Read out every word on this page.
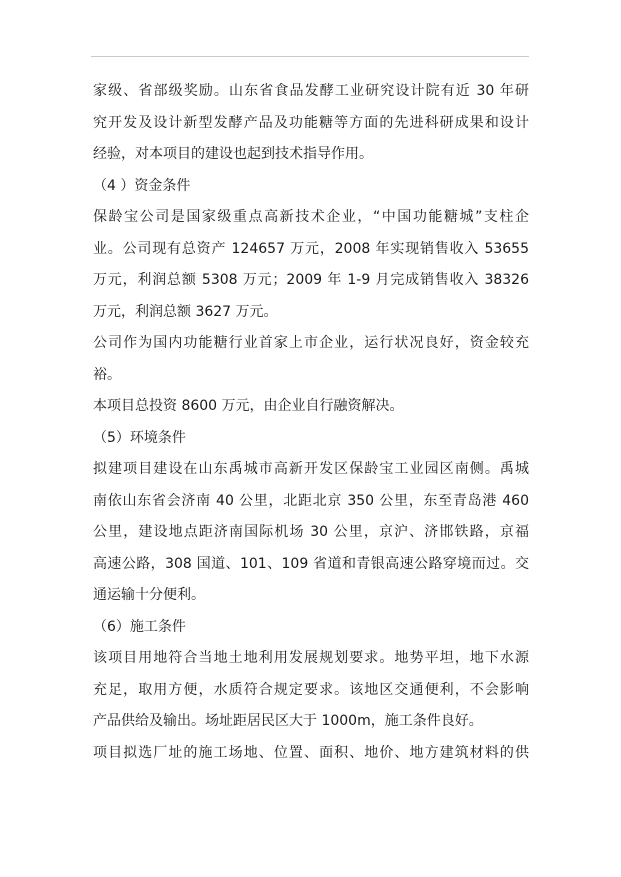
家级、省部级奖励。山东省食品发酵工业研究设计院有近 30 年研
究开发及设计新型发酵产品及功能糖等方面的先进科研成果和设计
经验，对本项目的建设也起到技术指导作用。
（4 ）资金条件
保龄宝公司是国家级重点高新技术企业，“中国功能糖城”支柱企
业。公司现有总资产 124657 万元，2008 年实现销售收入 53655
万元，利润总额 5308 万元；2009 年 1-9 月完成销售收入 38326
万元，利润总额 3627 万元。
公司作为国内功能糖行业首家上市企业，运行状况良好，资金较充
裕。
本项目总投资 8600 万元，由企业自行融资解决。
（5）环境条件
拟建项目建设在山东禹城市高新开发区保龄宝工业园区南侧。禹城
南依山东省会济南 40 公里，北距北京 350 公里，东至青岛港 460
公里，建设地点距济南国际机场 30 公里，京沪、济邯铁路，京福
高速公路，308 国道、101、109 省道和青银高速公路穿境而过。交
通运输十分便利。
（6）施工条件
该项目用地符合当地土地利用发展规划要求。地势平坦，地下水源
充足，取用方便，水质符合规定要求。该地区交通便利，不会影响
产品供给及输出。场址距居民区大于 1000m，施工条件良好。
项目拟选厂址的施工场地、位置、面积、地价、地方建筑材料的供
